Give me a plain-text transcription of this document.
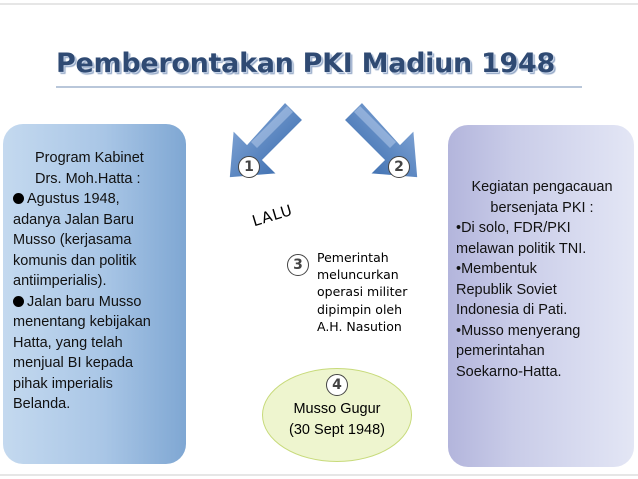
Pemberontakan PKI Madiun 1948
Program Kabinet
Drs. Moh.Hatta :
Agustus 1948,
adanya Jalan Baru
Musso (kerjasama
komunis dan politik
antiimperialis).
Jalan baru Musso
menentang kebijakan
Hatta, yang telah
menjual BI kepada
pihak imperialis
Belanda.
Kegiatan pengacauan
bersenjata PKI :
•Di solo, FDR/PKI
melawan politik TNI.
•Membentuk
Republik Soviet
Indonesia di Pati.
•Musso menyerang
pemerintahan
Soekarno-Hatta.
1	2
LALU
3	Pemerintah
meluncurkan
operasi militer
dipimpin oleh
A.H. Nasution
4
Musso Gugur
(30 Sept 1948)
